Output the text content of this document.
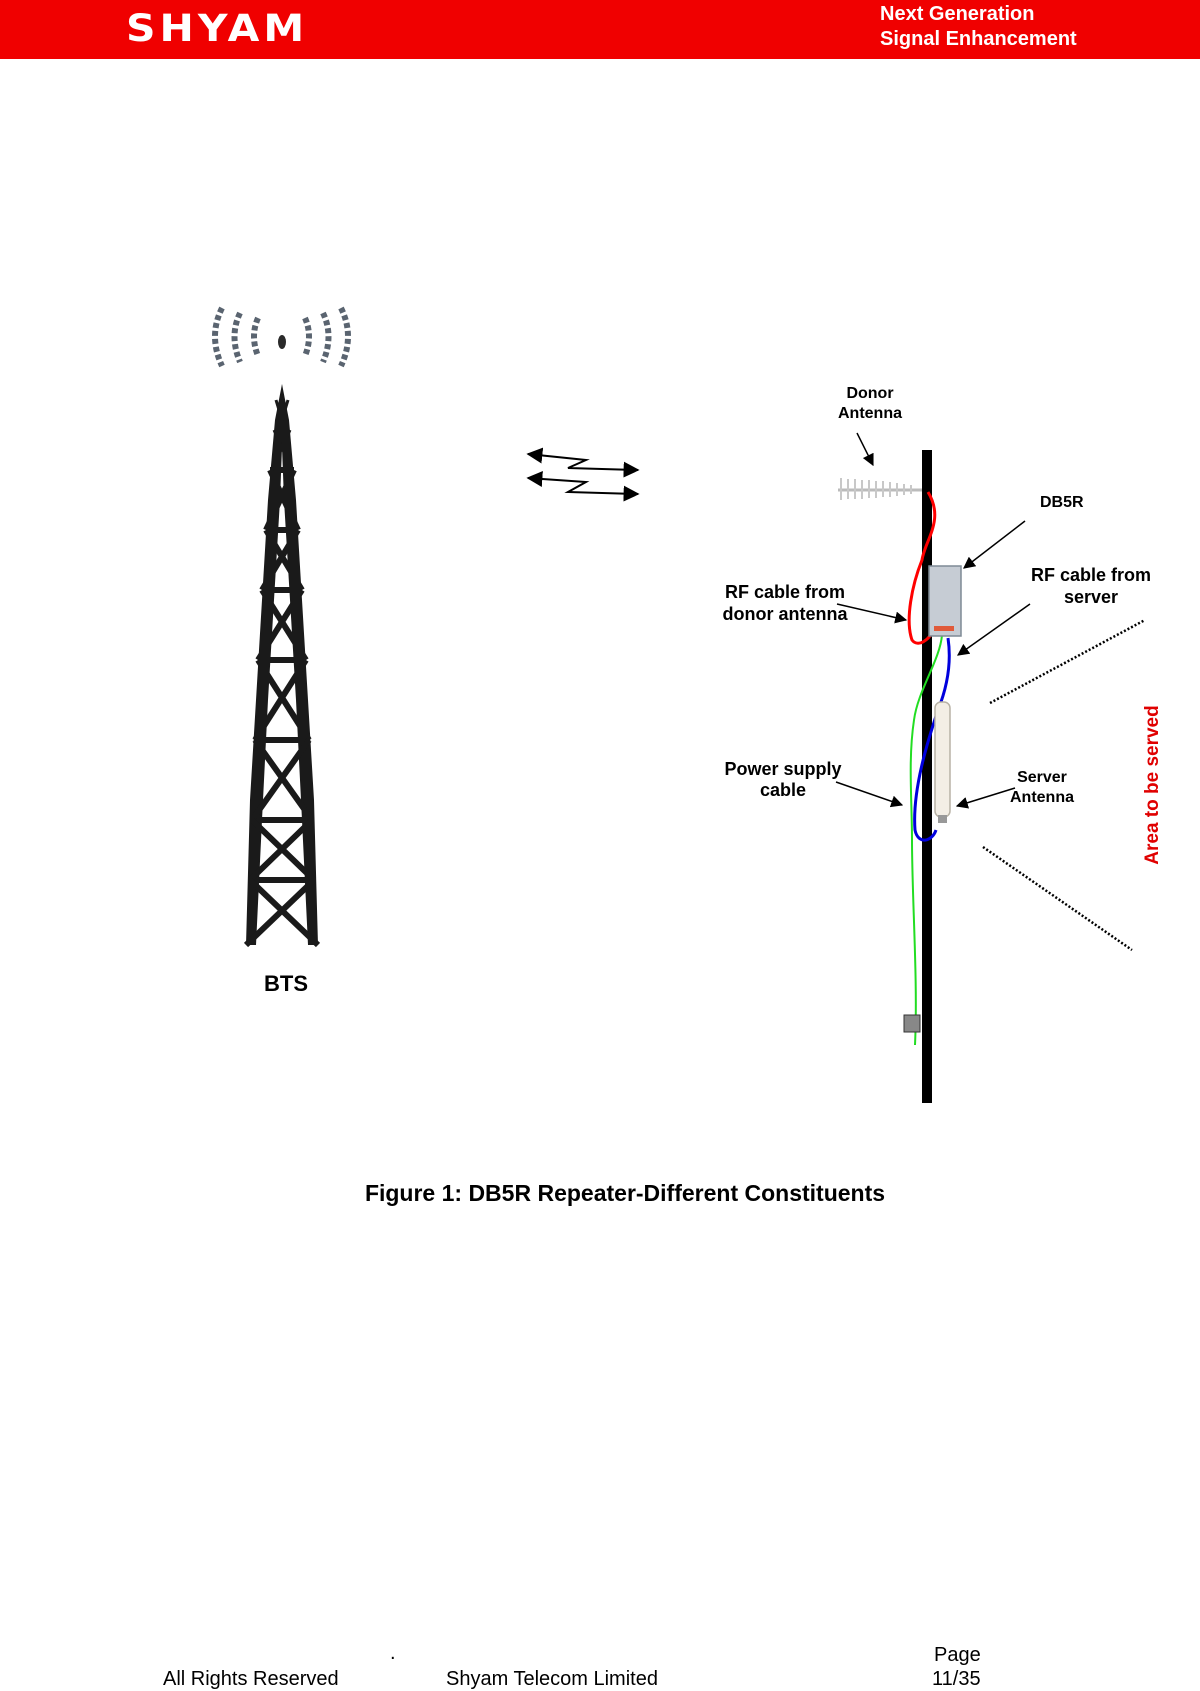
SHYAM	Next Generation
Signal Enhancement
BTS
Donor
Antenna
DB5R
RF cable from
donor antenna
RF cable from
server
Power supply
cable
Server
Antenna	Area to be served
Figure 1: DB5R Repeater-Different Constituents
.	Page
All Rights Reserved	Shyam Telecom Limited	11/35
